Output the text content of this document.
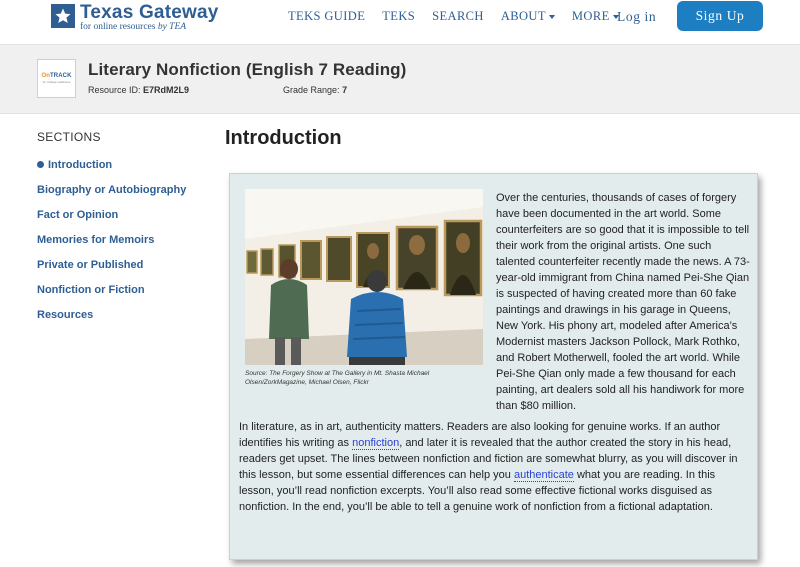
Texas Gateway
for online resources by TEA
TEKS GUIDE TEKS SEARCH ABOUT MORE Log in	Sign Up
OnTRACK
for college readiness
Literary Nonfiction (English 7 Reading)
Resource ID: E7RdM2L9	Grade Range: 7
SECTIONS
Introduction
Biography or Autobiography
Fact or Opinion
Memories for Memoirs
Private or Published
Nonfiction or Fiction
Resources
Introduction
Source: The Forgery Show at The Gallery in Mt. Shasta Michael Olsen/ZorkMagazine, Michael Olsen, Flickr
Over the centuries, thousands of cases of forgery have been documented in the art world. Some counterfeiters are so good that it is impossible to tell their work from the original artists. One such talented counterfeiter recently made the news. A 73-year-old immigrant from China named Pei-She Qian is suspected of having created more than 60 fake paintings and drawings in his garage in Queens, New York. His phony art, modeled after America’s Modernist masters Jackson Pollock, Mark Rothko, and Robert Motherwell, fooled the art world. While Pei-She Qian only made a few thousand for each painting, art dealers sold all his handiwork for more than $80 million.
In literature, as in art, authenticity matters. Readers are also looking for genuine works. If an author identifies his writing as nonfiction, and later it is revealed that the author created the story in his head, readers get upset. The lines between nonfiction and fiction are somewhat blurry, as you will discover in this lesson, but some essential differences can help you authenticate what you are reading. In this lesson, you’ll read nonfiction excerpts. You’ll also read some effective fictional works disguised as nonfiction. In the end, you’ll be able to tell a genuine work of nonfiction from a fictional adaptation.
